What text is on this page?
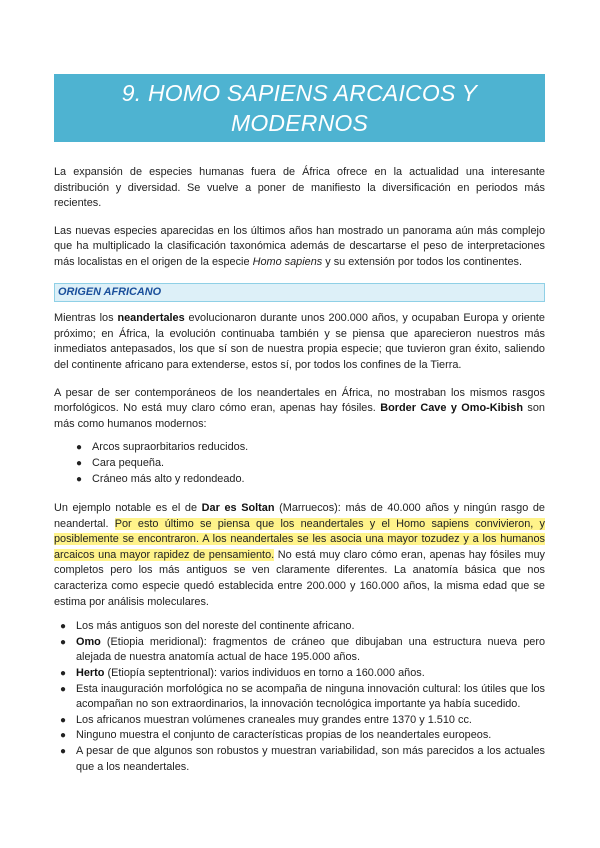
9. HOMO SAPIENS ARCAICOS Y MODERNOS

La expansión de especies humanas fuera de África ofrece en la actualidad una interesante distribución y diversidad. Se vuelve a poner de manifiesto la diversificación en periodos más recientes.

Las nuevas especies aparecidas en los últimos años han mostrado un panorama aún más complejo que ha multiplicado la clasificación taxonómica además de descartarse el peso de interpretaciones más localistas en el origen de la especie Homo sapiens y su extensión por todos los continentes.

ORIGEN AFRICANO

Mientras los neandertales evolucionaron durante unos 200.000 años, y ocupaban Europa y oriente próximo; en África, la evolución continuaba también y se piensa que aparecieron nuestros más inmediatos antepasados, los que sí son de nuestra propia especie; que tuvieron gran éxito, saliendo del continente africano para extenderse, estos sí, por todos los confines de la Tierra.

A pesar de ser contemporáneos de los neandertales en África, no mostraban los mismos rasgos morfológicos. No está muy claro cómo eran, apenas hay fósiles. Border Cave y Omo-Kibish son más como humanos modernos:

● Arcos supraorbitarios reducidos.
● Cara pequeña.
● Cráneo más alto y redondeado.

Un ejemplo notable es el de Dar es Soltan (Marruecos): más de 40.000 años y ningún rasgo de neandertal. Por esto último se piensa que los neandertales y el Homo sapiens convivieron, y posiblemente se encontraron. A los neandertales se les asocia una mayor tozudez y a los humanos arcaicos una mayor rapidez de pensamiento. No está muy claro cómo eran, apenas hay fósiles muy completos pero los más antiguos se ven claramente diferentes. La anatomía básica que nos caracteriza como especie quedó establecida entre 200.000 y 160.000 años, la misma edad que se estima por análisis moleculares.

● Los más antiguos son del noreste del continente africano.
● Omo (Etiopia meridional): fragmentos de cráneo que dibujaban una estructura nueva pero alejada de nuestra anatomía actual de hace 195.000 años.
● Herto (Etiopía septentrional): varios individuos en torno a 160.000 años.
● Esta inauguración morfológica no se acompaña de ninguna innovación cultural: los útiles que los acompañan no son extraordinarios, la innovación tecnológica importante ya había sucedido.
● Los africanos muestran volúmenes craneales muy grandes entre 1370 y 1.510 cc.
● Ninguno muestra el conjunto de características propias de los neandertales europeos.
● A pesar de que algunos son robustos y muestran variabilidad, son más parecidos a los actuales que a los neandertales.
